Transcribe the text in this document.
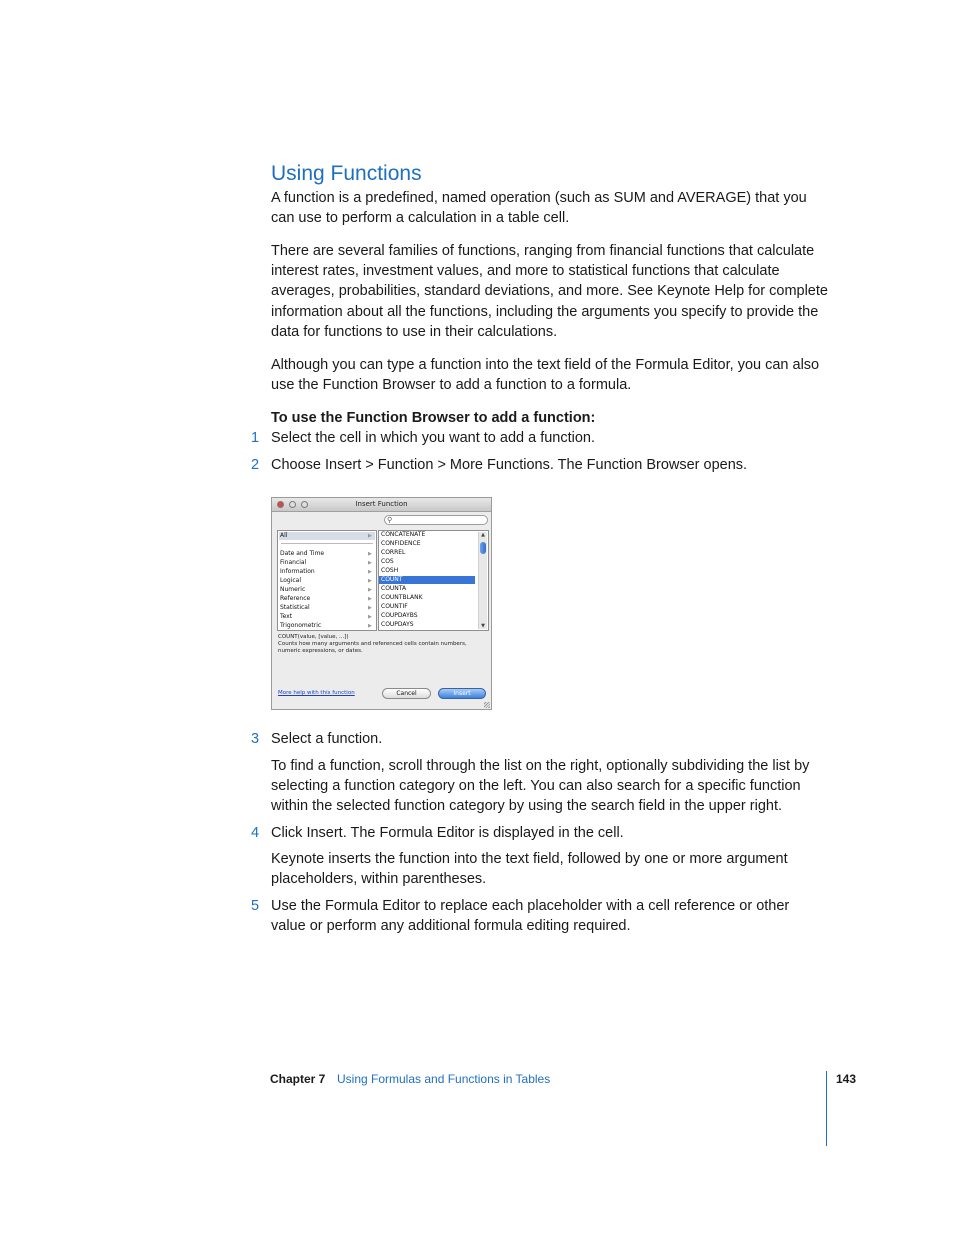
Using Functions
A function is a predefined, named operation (such as SUM and AVERAGE) that you can use to perform a calculation in a table cell.
There are several families of functions, ranging from financial functions that calculate interest rates, investment values, and more to statistical functions that calculate averages, probabilities, standard deviations, and more. See Keynote Help for complete information about all the functions, including the arguments you specify to provide the data for functions to use in their calculations.
Although you can type a function into the text field of the Formula Editor, you can also use the Function Browser to add a function to a formula.
To use the Function Browser to add a function:
1 Select the cell in which you want to add a function.
2 Choose Insert > Function > More Functions. The Function Browser opens.
Insert Function
⚲
All	▶
Date and Time
Financial
Information
Logical
Numeric
Reference
Statistical
Text
Trigonometric
▶
▶
▶
▶
▶
▶
▶
▶
▶
CONCATENATE
CONFIDENCE
CORREL
COS
COSH
COUNT
COUNTA
COUNTBLANK
COUNTIF
COUPDAYBS
COUPDAYS
▲
▼
COUNT(value, [value, ...])
Counts how many arguments and referenced cells contain numbers, numeric expressions, or dates.
More help with this function	Cancel	Insert
3 Select a function.
To find a function, scroll through the list on the right, optionally subdividing the list by selecting a function category on the left. You can also search for a specific function within the selected function category by using the search field in the upper right.
4 Click Insert. The Formula Editor is displayed in the cell.
Keynote inserts the function into the text field, followed by one or more argument placeholders, within parentheses.
5 Use the Formula Editor to replace each placeholder with a cell reference or other value or perform any additional formula editing required.
Chapter 7 Using Formulas and Functions in Tables	143
